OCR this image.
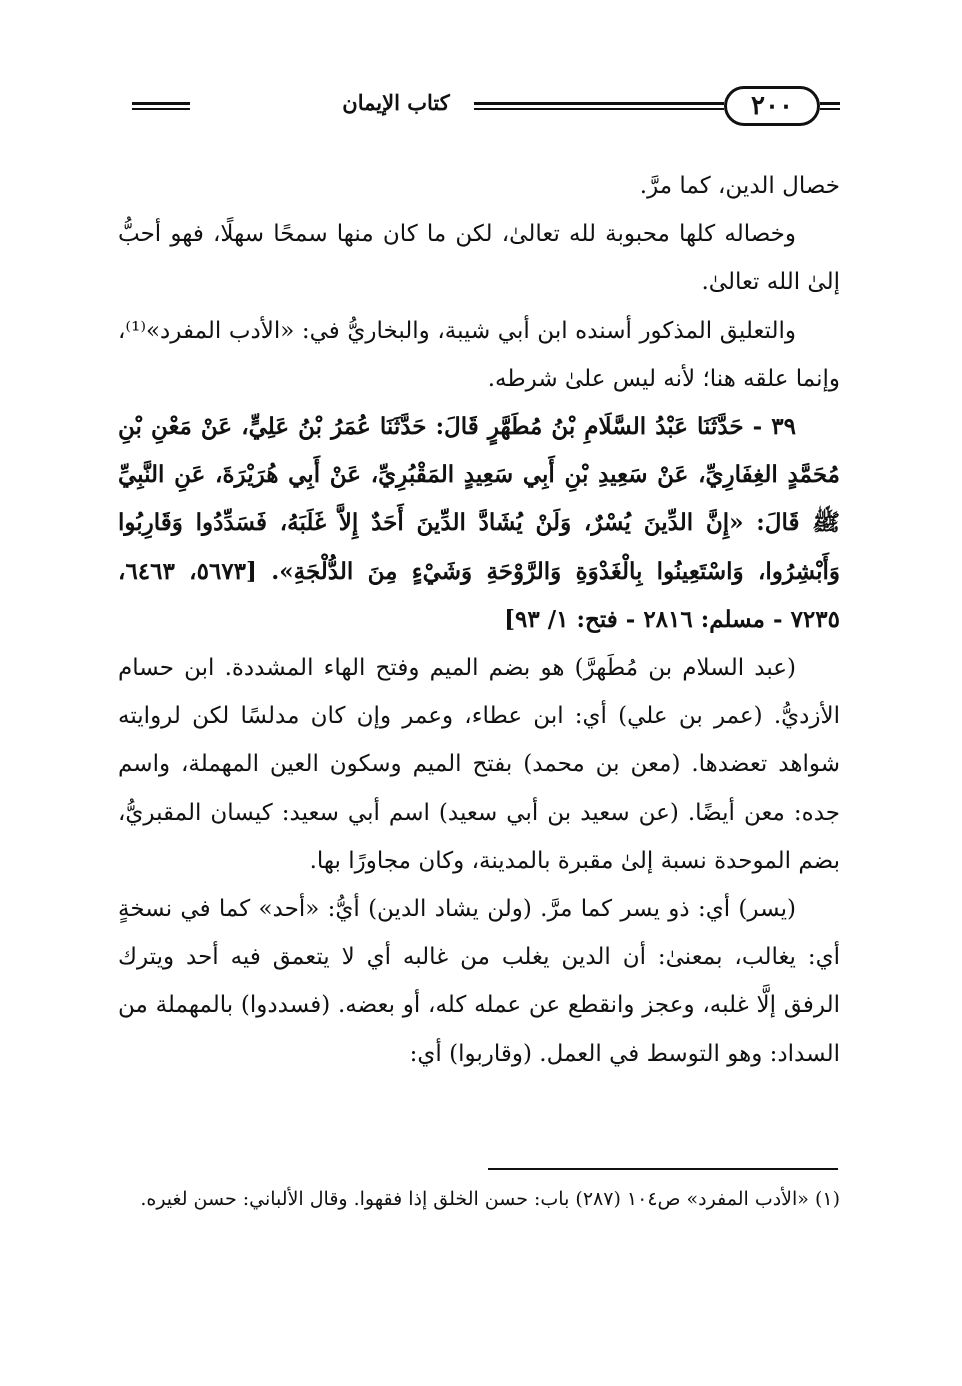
كتاب الإيمان	٢٠٠

خصال الدين، كما مرَّ.

وخصاله كلها محبوبة لله تعالىٰ، لكن ما كان منها سمحًا سهلًا، فهو أحبُّ إلىٰ الله تعالىٰ.

والتعليق المذكور أسنده ابن أبي شيبة، والبخاريُّ في: «الأدب المفرد»⁽¹⁾، وإنما علقه هنا؛ لأنه ليس علىٰ شرطه.

٣٩ - حَدَّثَنَا عَبْدُ السَّلَامِ بْنُ مُطَهَّرٍ قَالَ: حَدَّثَنَا عُمَرُ بْنُ عَلِيٍّ، عَنْ مَعْنِ بْنِ مُحَمَّدٍ الغِفَارِيِّ، عَنْ سَعِيدِ بْنِ أَبِي سَعِيدٍ المَقْبُرِيِّ، عَنْ أَبِي هُرَيْرَةَ، عَنِ النَّبِيِّ ﷺ قَالَ: «إِنَّ الدِّينَ يُسْرٌ، وَلَنْ يُشَادَّ الدِّينَ أَحَدٌ إِلاَّ غَلَبَهُ، فَسَدِّدُوا وَقَارِبُوا وَأَبْشِرُوا، وَاسْتَعِينُوا بِالْغَدْوَةِ وَالرَّوْحَةِ وَشَيْءٍ مِنَ الدُّلْجَةِ». [٥٦٧٣، ٦٤٦٣، ٧٢٣٥ - مسلم: ٢٨١٦ - فتح: ١/ ٩٣]

(عبد السلام بن مُطَهرَّ) هو بضم الميم وفتح الهاء المشددة. ابن حسام الأزديُّ. (عمر بن علي) أي: ابن عطاء، وعمر وإن كان مدلسًا لكن لروايته شواهد تعضدها. (معن بن محمد) بفتح الميم وسكون العين المهملة، واسم جده: معن أيضًا. (عن سعيد بن أبي سعيد) اسم أبي سعيد: كيسان المقبريُّ، بضم الموحدة نسبة إلىٰ مقبرة بالمدينة، وكان مجاورًا بها.

(يسر) أي: ذو يسر كما مرَّ. (ولن يشاد الدين) أيُّ: «أحد» كما في نسخةٍ أي: يغالب، بمعنىٰ: أن الدين يغلب من غالبه أي لا يتعمق فيه أحد ويترك الرفق إلَّا غلبه، وعجز وانقطع عن عمله كله، أو بعضه. (فسددوا) بالمهملة من السداد: وهو التوسط في العمل. (وقاربوا) أي:

(١) «الأدب المفرد» ص١٠٤ (٢٨٧) باب: حسن الخلق إذا فقهوا. وقال الألباني: حسن لغيره.
